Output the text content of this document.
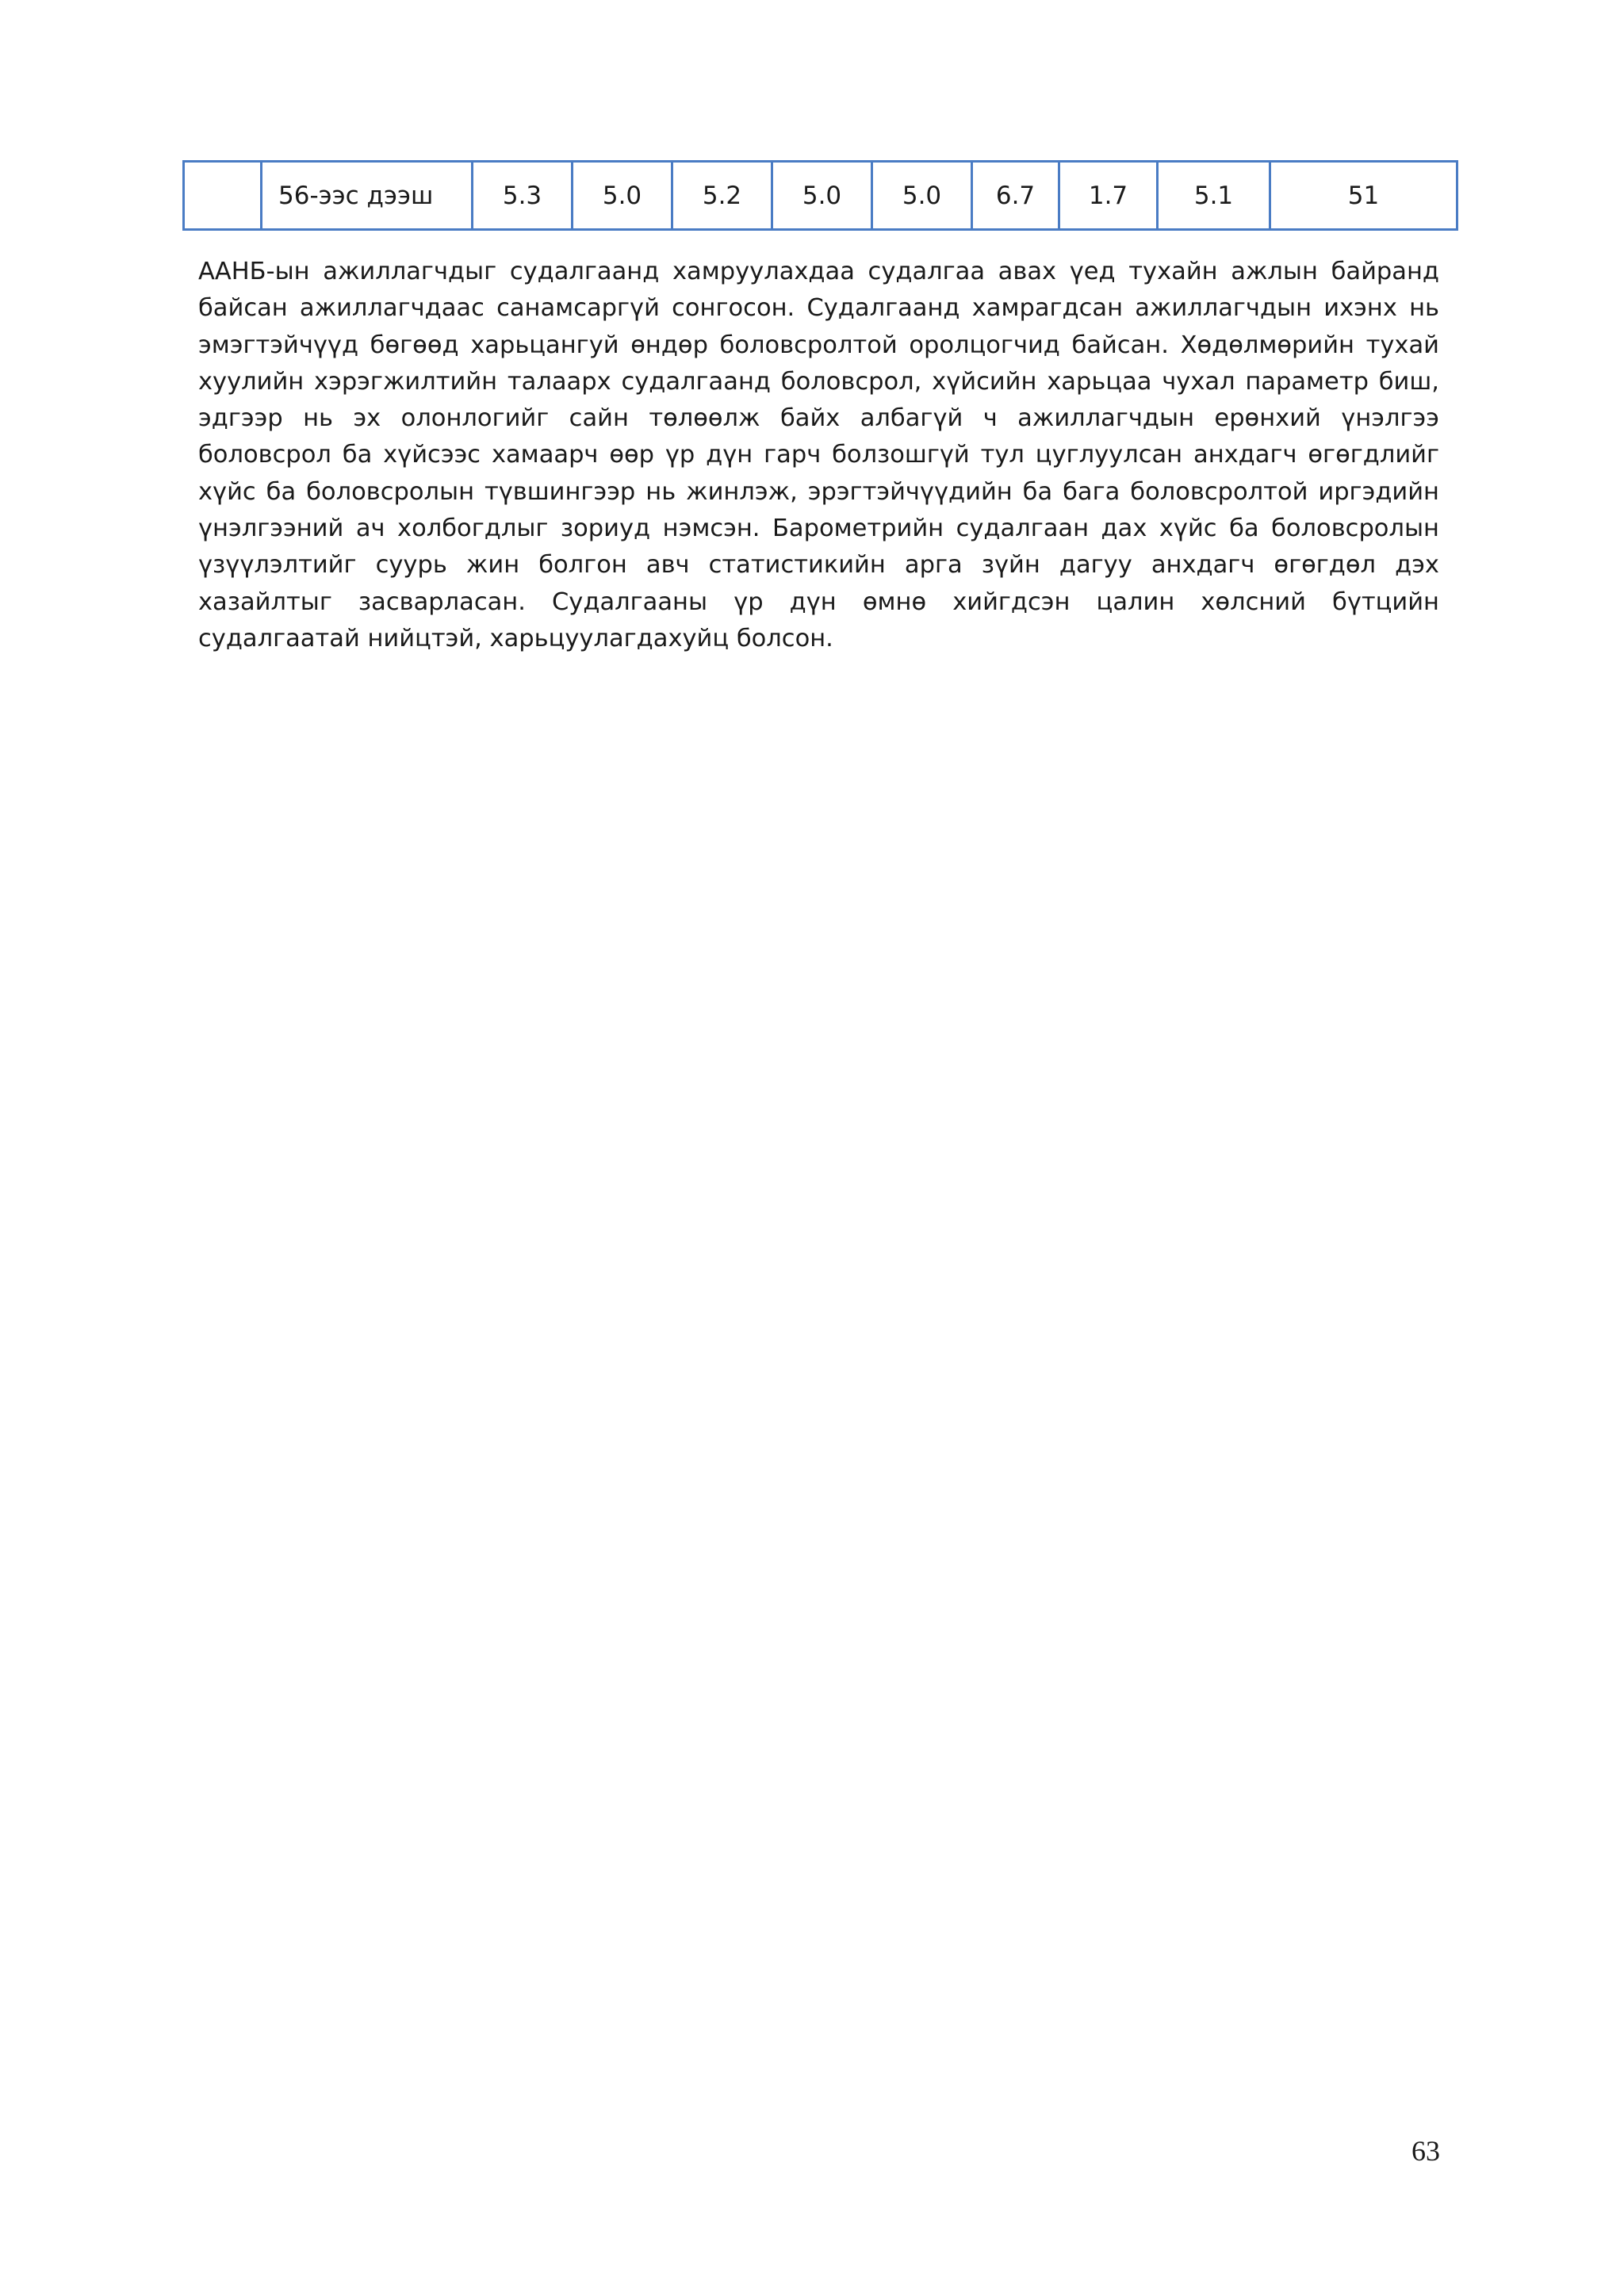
	56-ээс дээш	5.3	5.0	5.2	5.0	5.0	6.7	1.7	5.1	51

ААНБ-ын ажиллагчдыг судалгаанд хамруулахдаа судалгаа авах үед тухайн ажлын байранд байсан ажиллагчдаас санамсаргүй сонгосон. Судалгаанд хамрагдсан ажиллагчдын ихэнх нь эмэгтэйчүүд бөгөөд харьцангуй өндөр боловсролтой оролцогчид байсан. Хөдөлмөрийн тухай хуулийн хэрэгжилтийн талаарх судалгаанд боловсрол, хүйсийн харьцаа чухал параметр биш, эдгээр нь эх олонлогийг сайн төлөөлж байх албагүй ч ажиллагчдын ерөнхий үнэлгээ боловсрол ба хүйсээс хамаарч өөр үр дүн гарч болзошгүй тул цуглуулсан анхдагч өгөгдлийг хүйс ба боловсролын түвшингээр нь жинлэж, эрэгтэйчүүдийн ба бага боловсролтой иргэдийн үнэлгээний ач холбогдлыг зориуд нэмсэн. Барометрийн судалгаан дах хүйс ба боловсролын үзүүлэлтийг суурь жин болгон авч статистикийн арга зүйн дагуу анхдагч өгөгдөл дэх хазайлтыг засварласан. Судалгааны үр дүн өмнө хийгдсэн цалин хөлсний бүтцийн судалгаатай нийцтэй, харьцуулагдахуйц болсон.

63
